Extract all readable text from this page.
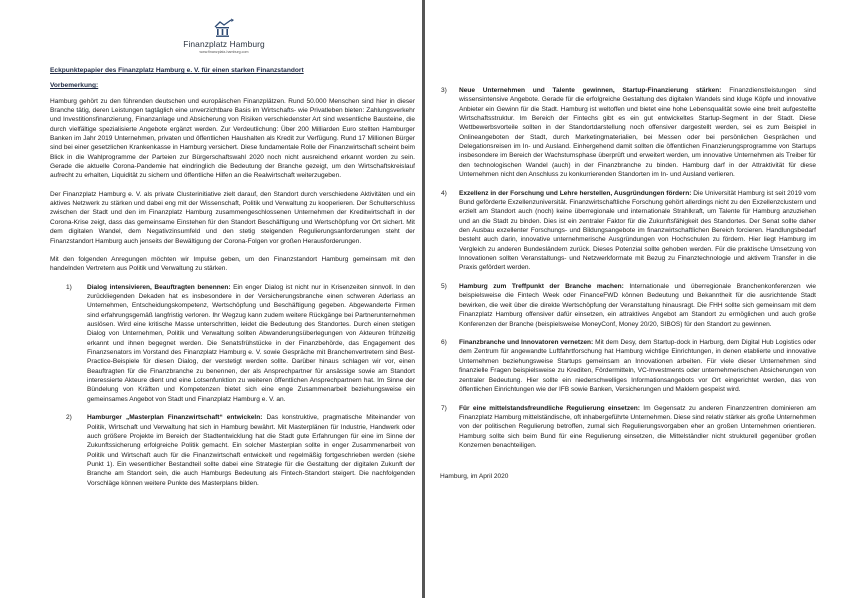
Finanzplatz Hamburg
www.finanzplatz-hamburg.com
Eckpunktepapier des Finanzplatz Hamburg e. V. für einen starken Finanzstandort
Vorbemerkung:

Hamburg gehört zu den führenden deutschen und europäischen Finanzplätzen. Rund 50.000 Menschen sind hier in dieser Branche tätig, deren Leistungen tagtäglich eine unverzichtbare Basis im Wirtschafts- wie Privatleben bieten: Zahlungsverkehr und Investitionsfinanzierung, Finanzanlage und Absicherung von Risiken verschiedenster Art sind wesentliche Bausteine, die durch vielfältige spezialisierte Angebote ergänzt werden. Zur Verdeutlichung: Über 200 Milliarden Euro stellten Hamburger Banken im Jahr 2019 Unternehmen, privaten und öffentlichen Haushalten als Kredit zur Verfügung. Rund 17 Millionen Bürger sind bei einer gesetzlichen Krankenkasse in Hamburg versichert. Diese fundamentale Rolle der Finanzwirtschaft scheint beim Blick in die Wahlprogramme der Parteien zur Bürgerschaftswahl 2020 noch nicht ausreichend erkannt worden zu sein. Gerade die aktuelle Corona-Pandemie hat eindringlich die Bedeutung der Branche gezeigt, um den Wirtschaftskreislauf aufrecht zu erhalten, Liquidität zu sichern und öffentliche Hilfen an die Realwirtschaft weiterzugeben.

Der Finanzplatz Hamburg e. V. als private Clusterinitiative zielt darauf, den Standort durch verschiedene Aktivitäten und ein aktives Netzwerk zu stärken und dabei eng mit der Wissenschaft, Politik und Verwaltung zu kooperieren. Der Schulterschluss zwischen der Stadt und den im Finanzplatz Hamburg zusammengeschlossenen Unternehmen der Kreditwirtschaft in der Corona-Krise zeigt, dass das gemeinsame Einstehen für den Standort Beschäftigung und Wertschöpfung vor Ort sichert. Mit dem digitalen Wandel, dem Negativzinsumfeld und den stetig steigenden Regulierungsanforderungen steht der Finanzstandort Hamburg auch jenseits der Bewältigung der Corona-Folgen vor großen Herausforderungen.

Mit den folgenden Anregungen möchten wir Impulse geben, um den Finanzstandort Hamburg gemeinsam mit den handelnden Vertretern aus Politik und Verwaltung zu stärken.

1) Dialog intensivieren, Beauftragten benennen: Ein enger Dialog ist nicht nur in Krisenzeiten sinnvoll. In den zurückliegenden Dekaden hat es insbesondere in der Versicherungsbranche einen schweren Aderlass an Unternehmen, Entscheidungskompetenz, Wertschöpfung und Beschäftigung gegeben. Abgewanderte Firmen sind erfahrungsgemäß langfristig verloren. Ihr Wegzug kann zudem weitere Rückgänge bei Partnerunternehmen auslösen. Wird eine kritische Masse unterschritten, leidet die Bedeutung des Standortes. Durch einen stetigen Dialog von Unternehmen, Politik und Verwaltung sollten Abwanderungsüberlegungen von Akteuren frühzeitig erkannt und ihnen begegnet werden. Die Senatsfrühstücke in der Finanzbehörde, das Engagement des Finanzsenators im Vorstand des Finanzplatz Hamburg e. V. sowie Gespräche mit Branchenvertretern sind Best-Practice-Beispiele für diesen Dialog, der verstetigt werden sollte. Darüber hinaus schlagen wir vor, einen Beauftragten für die Finanzbranche zu benennen, der als Ansprechpartner für ansässige sowie am Standort interessierte Akteure dient und eine Lotsenfunktion zu weiteren öffentlichen Ansprechpartnern hat. Im Sinne der Bündelung von Kräften und Kompetenzen bietet sich eine enge Zusammenarbeit beziehungsweise ein gemeinsames Angebot von Stadt und Finanzplatz Hamburg e. V. an.
2) Hamburger „Masterplan Finanzwirtschaft“ entwickeln: Das konstruktive, pragmatische Miteinander von Politik, Wirtschaft und Verwaltung hat sich in Hamburg bewährt. Mit Masterplänen für Industrie, Handwerk oder auch größere Projekte im Bereich der Stadtentwicklung hat die Stadt gute Erfahrungen für eine im Sinne der Zukunftssicherung erfolgreiche Politik gemacht. Ein solcher Masterplan sollte in enger Zusammenarbeit von Politik und Wirtschaft auch für die Finanzwirtschaft entwickelt und regelmäßig fortgeschrieben werden (siehe Punkt 1). Ein wesentlicher Bestandteil sollte dabei eine Strategie für die Gestaltung der digitalen Zukunft der Branche am Standort sein, die auch Hamburgs Bedeutung als Fintech-Standort steigert. Die nachfolgenden Vorschläge können weitere Punkte des Masterplans bilden.
3) Neue Unternehmen und Talente gewinnen, Startup-Finanzierung stärken: Finanzdienstleistungen sind wissensintensive Angebote. Gerade für die erfolgreiche Gestaltung des digitalen Wandels sind kluge Köpfe und innovative Anbieter ein Gewinn für die Stadt. Hamburg ist weltoffen und bietet eine hohe Lebensqualität sowie eine breit aufgestellte Wirtschaftsstruktur. Im Bereich der Fintechs gibt es ein gut entwickeltes Startup-Segment in der Stadt. Diese Wettbewerbsvorteile sollten in der Standortdarstellung noch offensiver dargestellt werden, sei es zum Beispiel in Onlineangeboten der Stadt, durch Marketingmaterialien, bei Messen oder bei persönlichen Gesprächen und Delegationsreisen im In- und Ausland. Einhergehend damit sollten die öffentlichen Finanzierungsprogramme von Startups insbesondere im Bereich der Wachstumsphase überprüft und erweitert werden, um innovative Unternehmen als Treiber für den technologischen Wandel (auch) in der Finanzbranche zu binden. Hamburg darf in der Attraktivität für diese Unternehmen nicht den Anschluss zu konkurrierenden Standorten im In- und Ausland verlieren.
4) Exzellenz in der Forschung und Lehre herstellen, Ausgründungen fördern: Die Universität Hamburg ist seit 2019 vom Bund geförderte Exzellenzuniversität. Finanzwirtschaftliche Forschung gehört allerdings nicht zu den Exzellenzclustern und erzielt am Standort auch (noch) keine überregionale und internationale Strahlkraft, um Talente für Hamburg anzuziehen und an die Stadt zu binden. Dies ist ein zentraler Faktor für die Zukunftsfähigkeit des Standortes. Der Senat sollte daher den Ausbau exzellenter Forschungs- und Bildungsangebote im finanzwirtschaftlichen Bereich forcieren. Handlungsbedarf besteht auch darin, innovative unternehmerische Ausgründungen von Hochschulen zu fördern. Hier liegt Hamburg im Vergleich zu anderen Bundesländern zurück. Dieses Potenzial sollte gehoben werden. Für die praktische Umsetzung von Innovationen sollten Veranstaltungs- und Netzwerkformate mit Bezug zu Finanztechnologie und aktivem Transfer in die Praxis gefördert werden.
5) Hamburg zum Treffpunkt der Branche machen: Internationale und überregionale Branchenkonferenzen wie beispielsweise die Fintech Week oder FinanceFWD können Bedeutung und Bekanntheit für die ausrichtende Stadt bewirken, die weit über die direkte Wertschöpfung der Veranstaltung hinausragt. Die FHH sollte sich gemeinsam mit dem Finanzplatz Hamburg offensiver dafür einsetzen, ein attraktives Angebot am Standort zu ermöglichen und auch große Konferenzen der Branche (beispielsweise MoneyConf, Money 20/20, SIBOS) für den Standort zu gewinnen.
6) Finanzbranche und Innovatoren vernetzen: Mit dem Desy, dem Startup-dock in Harburg, dem Digital Hub Logistics oder dem Zentrum für angewandte Luftfahrtforschung hat Hamburg wichtige Einrichtungen, in denen etablierte und innovative Unternehmen beziehungsweise Startups gemeinsam an Innovationen arbeiten. Für viele dieser Unternehmen sind finanzielle Fragen beispielsweise zu Krediten, Fördermitteln, VC-Investments oder unternehmerischen Absicherungen von zentraler Bedeutung. Hier sollte ein niederschwelliges Informationsangebots vor Ort eingerichtet werden, das von öffentlichen Einrichtungen wie der IFB sowie Banken, Versicherungen und Maklern gespeist wird.
7) Für eine mittelstandsfreundliche Regulierung einsetzen: Im Gegensatz zu anderen Finanzzentren dominieren am Finanzplatz Hamburg mittelständische, oft inhabergeführte Unternehmen. Diese sind relativ stärker als große Unternehmen von der politischen Regulierung betroffen, zumal sich Regulierungsvorgaben eher an großen Unternehmen orientieren. Hamburg sollte sich beim Bund für eine Regulierung einsetzen, die Mittelständler nicht strukturell gegenüber großen Konzernen benachteiligen.
Hamburg, im April 2020
